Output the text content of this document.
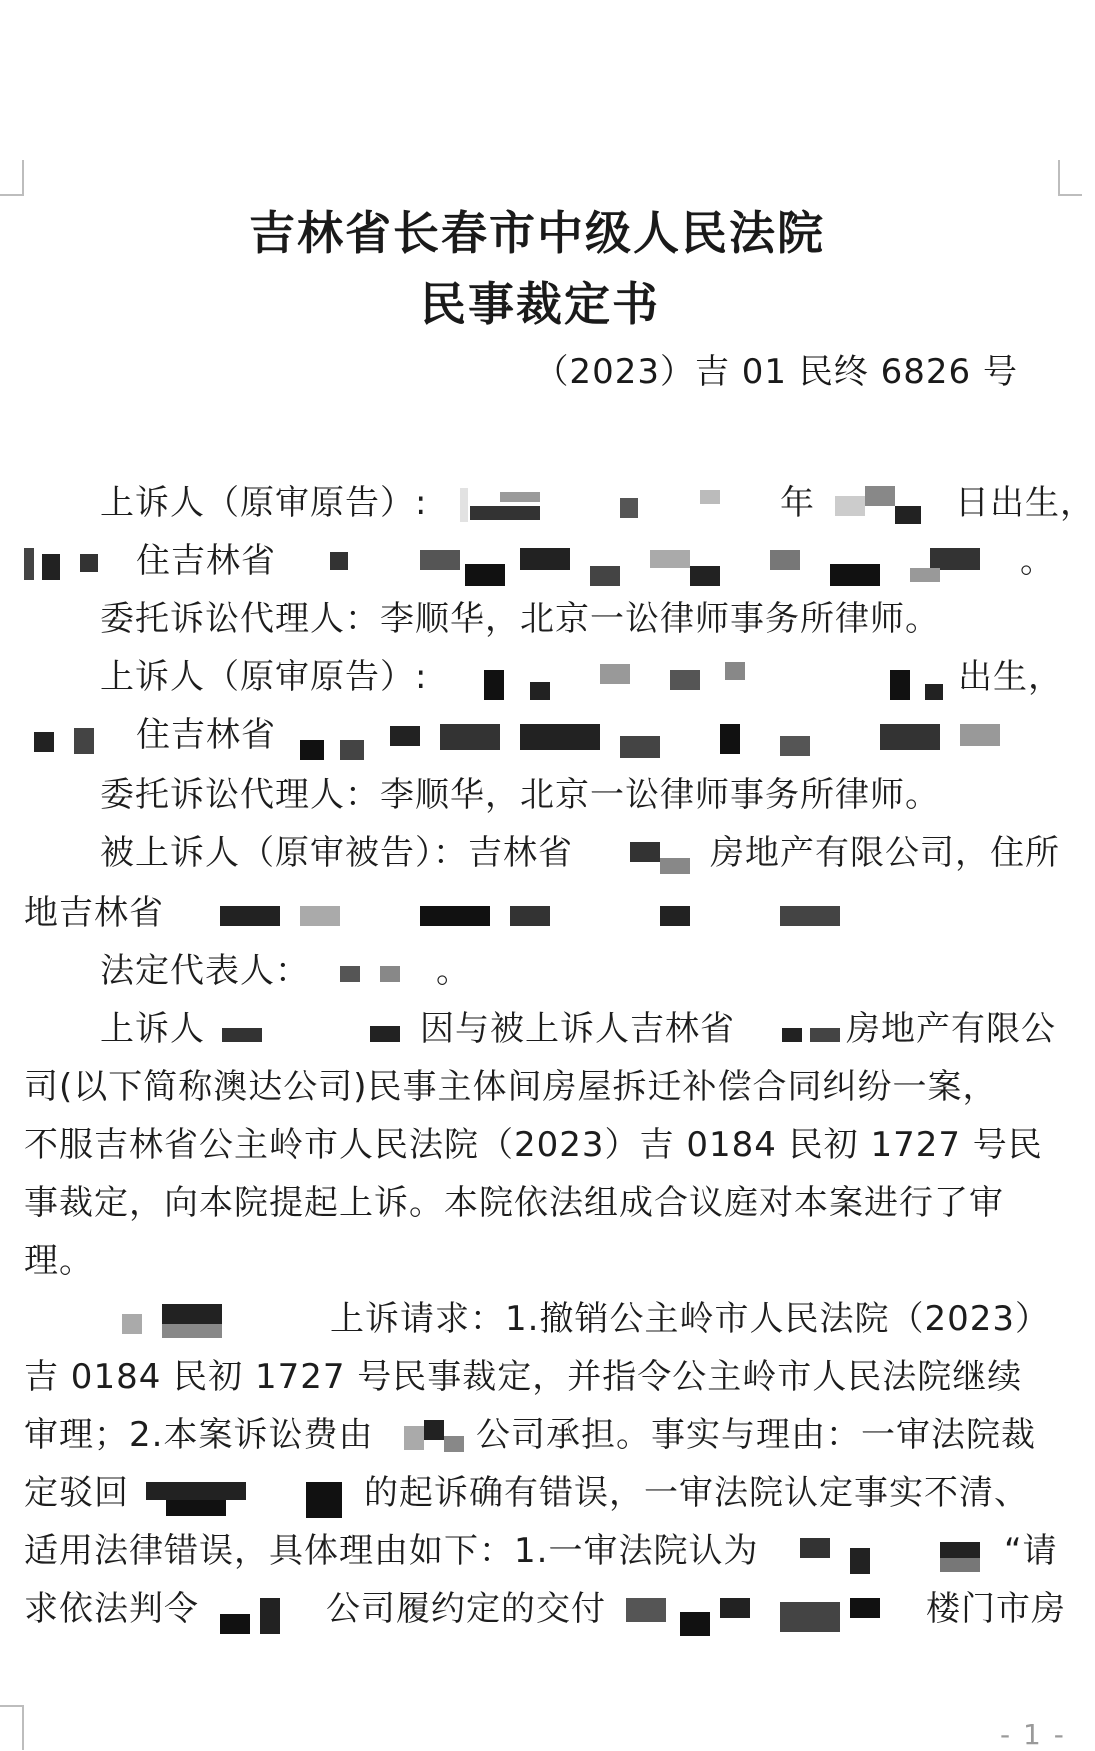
吉林省长春市中级人民法院
民事裁定书
（2023）吉 01 民终 6826 号
上诉人（原审原告）:	年	日出生，
住吉林省	。
委托诉讼代理人：李顺华，北京一讼律师事务所律师。
上诉人（原审原告）:	出生，
住吉林省
委托诉讼代理人：李顺华，北京一讼律师事务所律师。
被上诉人（原审被告）：吉林省	房地产有限公司，住所
地吉林省
法定代表人：	。
上诉人	因与被上诉人吉林省	房地产有限公
司(以下简称澳达公司)民事主体间房屋拆迁补偿合同纠纷一案，
不服吉林省公主岭市人民法院（2023）吉 0184 民初 1727 号民
事裁定，向本院提起上诉。本院依法组成合议庭对本案进行了审
理。
上诉请求：1.撤销公主岭市人民法院（2023）
吉 0184 民初 1727 号民事裁定，并指令公主岭市人民法院继续
审理；2.本案诉讼费由	公司承担。事实与理由：一审法院裁
定驳回	的起诉确有错误，一审法院认定事实不清、
适用法律错误，具体理由如下：1.一审法院认为	“请
求依法判令	公司履约定的交付	楼门市房
- 1 -
